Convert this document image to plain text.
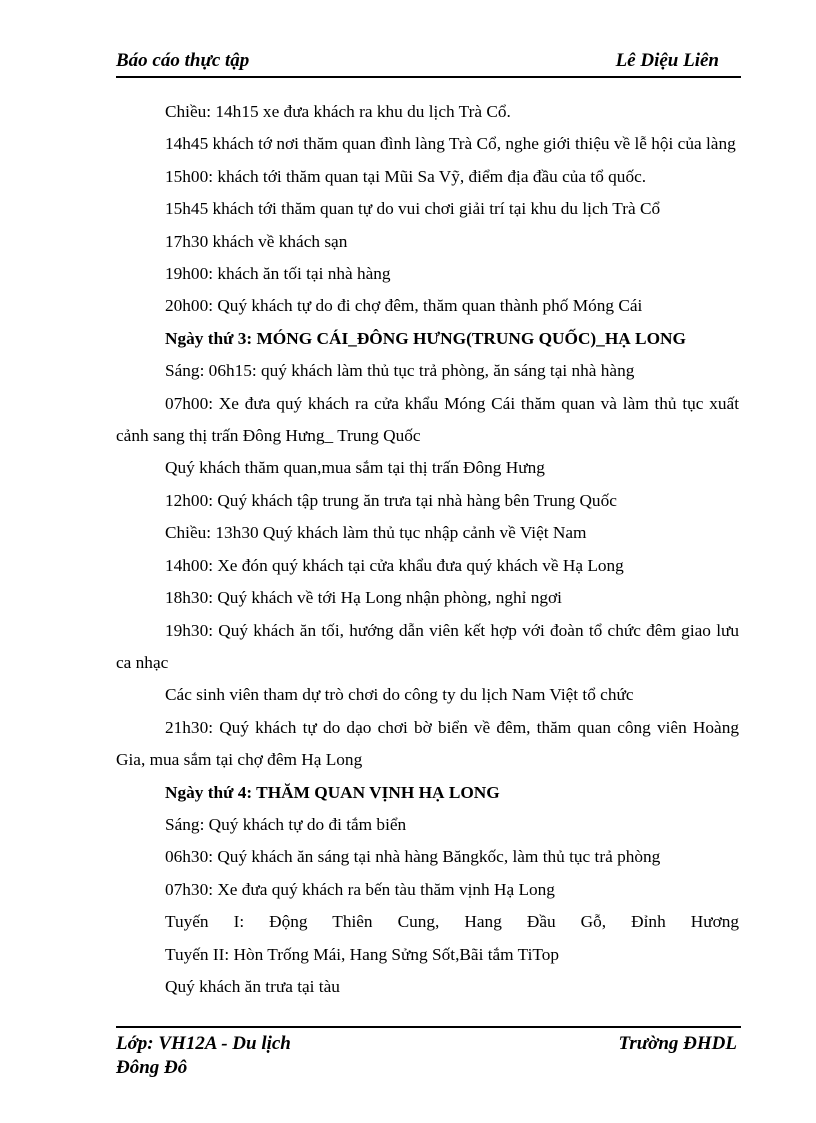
Báo cáo thực tập	Lê Diệu Liên

Chiều: 14h15 xe đưa khách ra khu du lịch Trà Cổ.

14h45 khách tớ nơi thăm quan đình làng Trà Cổ, nghe giới thiệu về lễ hội của làng

15h00: khách tới thăm quan tại Mũi Sa Vỹ, điểm địa đầu của tổ quốc.

15h45 khách tới thăm quan tự do vui chơi giải trí tại khu du lịch Trà Cổ

17h30 khách về khách sạn

19h00: khách ăn tối tại nhà hàng

20h00: Quý khách tự do đi chợ đêm, thăm quan thành phố Móng Cái

Ngày thứ 3: MÓNG CÁI_ĐÔNG HƯNG(TRUNG QUỐC)_HẠ LONG

Sáng: 06h15: quý khách làm thủ tục trả phòng, ăn sáng tại nhà hàng

07h00: Xe đưa quý khách ra cửa khẩu Móng Cái thăm quan và làm thủ tục xuất cảnh sang thị trấn Đông Hưng_ Trung Quốc

Quý khách thăm quan,mua sắm tại thị trấn Đông Hưng

12h00: Quý khách tập trung ăn trưa tại nhà hàng bên Trung Quốc

Chiều: 13h30 Quý khách làm thủ tục nhập cảnh về Việt Nam

14h00: Xe đón quý khách tại cửa khẩu đưa quý khách về Hạ Long

18h30: Quý khách về tới Hạ Long nhận phòng, nghỉ ngơi

19h30: Quý khách ăn tối, hướng dẫn viên kết hợp với đoàn tổ chức đêm giao lưu ca nhạc

Các sinh viên tham dự trò chơi do công ty du lịch Nam Việt tổ chức

21h30: Quý khách tự do dạo chơi bờ biển về đêm, thăm quan công viên Hoàng Gia, mua sắm tại chợ đêm Hạ Long

Ngày thứ 4: THĂM QUAN VỊNH HẠ LONG

Sáng: Quý khách tự do đi tắm biển

06h30: Quý khách ăn sáng tại nhà hàng Băngkốc, làm thủ tục trả phòng

07h30: Xe đưa quý khách ra bến tàu thăm vịnh Hạ Long

Tuyến I: Động Thiên Cung, Hang Đầu Gỗ, Đỉnh Hương

Tuyến II: Hòn Trống Mái, Hang Sửng Sốt,Bãi tắm TiTop

Quý khách ăn trưa tại tàu

Lớp: VH12A - Du lịch
Đông Đô
Trường ĐHDL
